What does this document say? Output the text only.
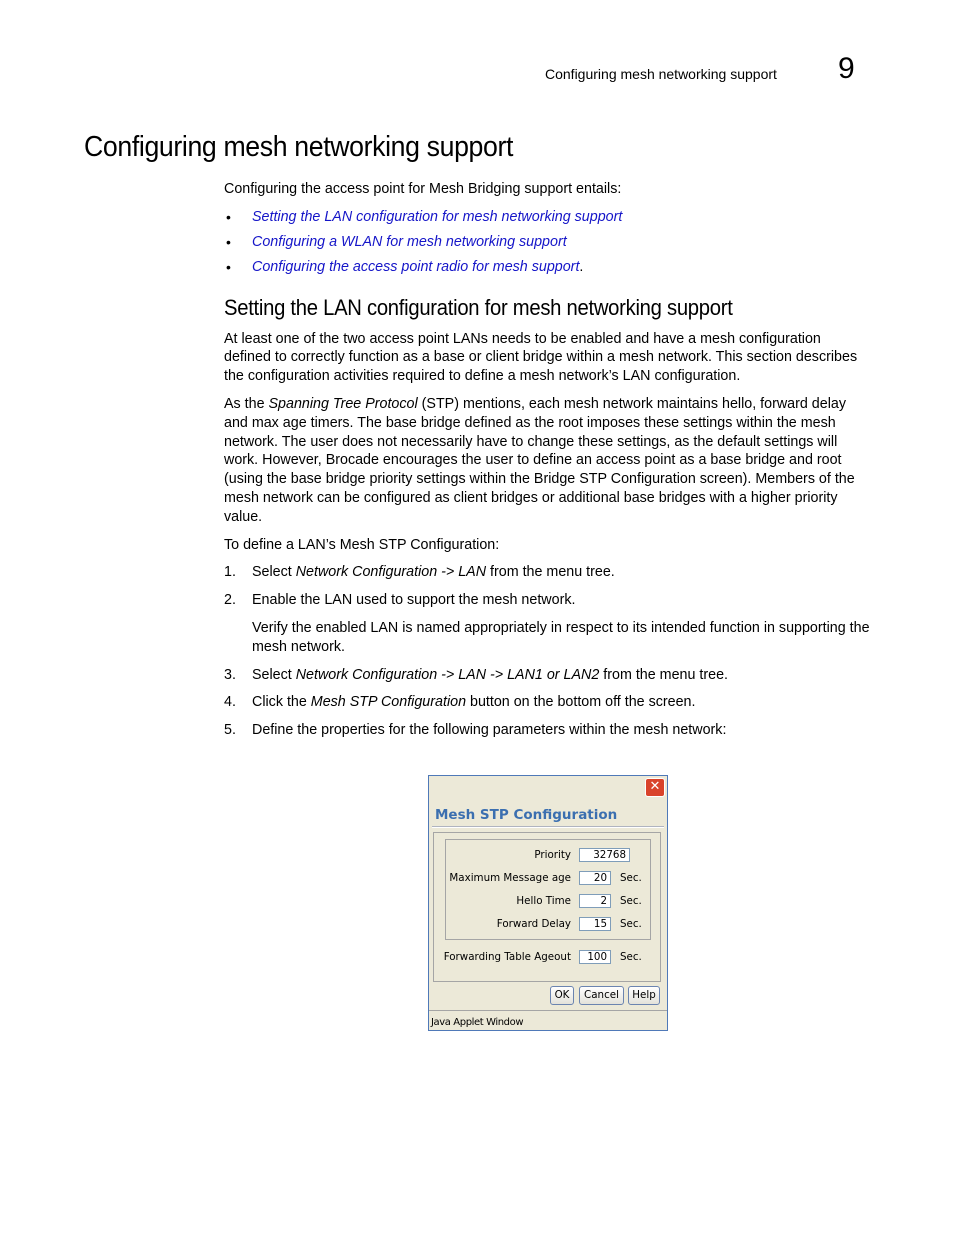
Configuring mesh networking support 9
Configuring mesh networking support

Configuring the access point for Mesh Bridging support entails:

• Setting the LAN configuration for mesh networking support
• Configuring a WLAN for mesh networking support
• Configuring the access point radio for mesh support.
Setting the LAN configuration for mesh networking support

At least one of the two access point LANs needs to be enabled and have a mesh configuration defined to correctly function as a base or client bridge within a mesh network. This section describes the configuration activities required to define a mesh network’s LAN configuration.

As the Spanning Tree Protocol (STP) mentions, each mesh network maintains hello, forward delay and max age timers. The base bridge defined as the root imposes these settings within the mesh network. The user does not necessarily have to change these settings, as the default settings will work. However, Brocade encourages the user to define an access point as a base bridge and root (using the base bridge priority settings within the Bridge STP Configuration screen). Members of the mesh network can be configured as client bridges or additional base bridges with a higher priority value.

To define a LAN’s Mesh STP Configuration:

1. Select Network Configuration -> LAN from the menu tree.
2. Enable the LAN used to support the mesh network.

Verify the enabled LAN is named appropriately in respect to its intended function in supporting the mesh network.

3. Select Network Configuration -> LAN -> LAN1 or LAN2 from the menu tree.
4. Click the Mesh STP Configuration button on the bottom off the screen.
5. Define the properties for the following parameters within the mesh network:
✕
Mesh STP Configuration
Priority	32768
Maximum Message age	20	Sec.
Hello Time	2	Sec.
Forward Delay	15	Sec.
Forwarding Table Ageout	100	Sec.
OK	Cancel	Help
Java Applet Window
